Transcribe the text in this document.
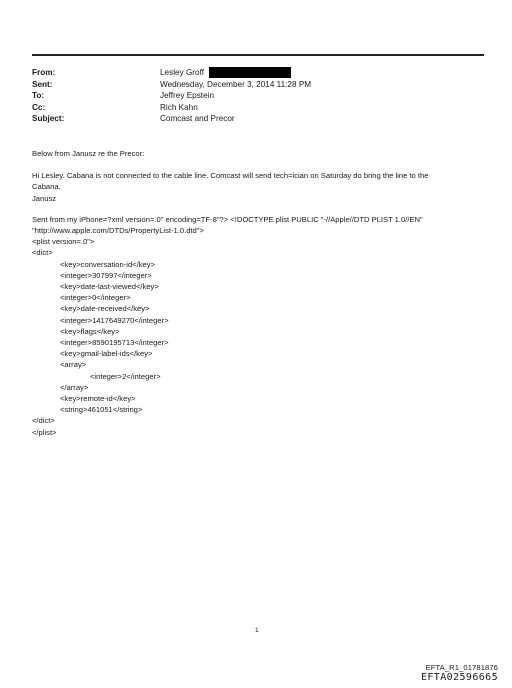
From:	Lesley Groff
Sent:	Wednesday, December 3, 2014 11:28 PM
To:	Jeffrey Epstein
Cc:	Rich Kahn
Subject:	Comcast and Precor

Below from Janusz re the Precor:

Hi Lesley. Cabana is not connected to the cable line. Comcast will send tech=ician on Saturday do bring the line to the

Cabana.

Janusz

Sent from my iPhone=?xml version=.0" encoding=TF-8"?> <!DOCTYPE plist PUBLIC "-//Apple//DTD PLIST 1.0//EN"

"http://www.apple.com/DTDs/PropertyList-1.0.dtd">

<plist version=.0">

<dict>

<key>conversation-id</key>

<integer>307997</integer>

<key>date-last-viewed</key>

<integer>0</integer>

<key>date-received</key>

<integer>1417649270</integer>

<key>flags</key>

<integer>8590195713</integer>

<key>gmail-label-ids</key>

<array>

<integer>2</integer>

</array>

<key>remote-id</key>

<string>461051</string>

</dict>

</plist>

1
EFTA_R1_01781876
EFTA02596665
